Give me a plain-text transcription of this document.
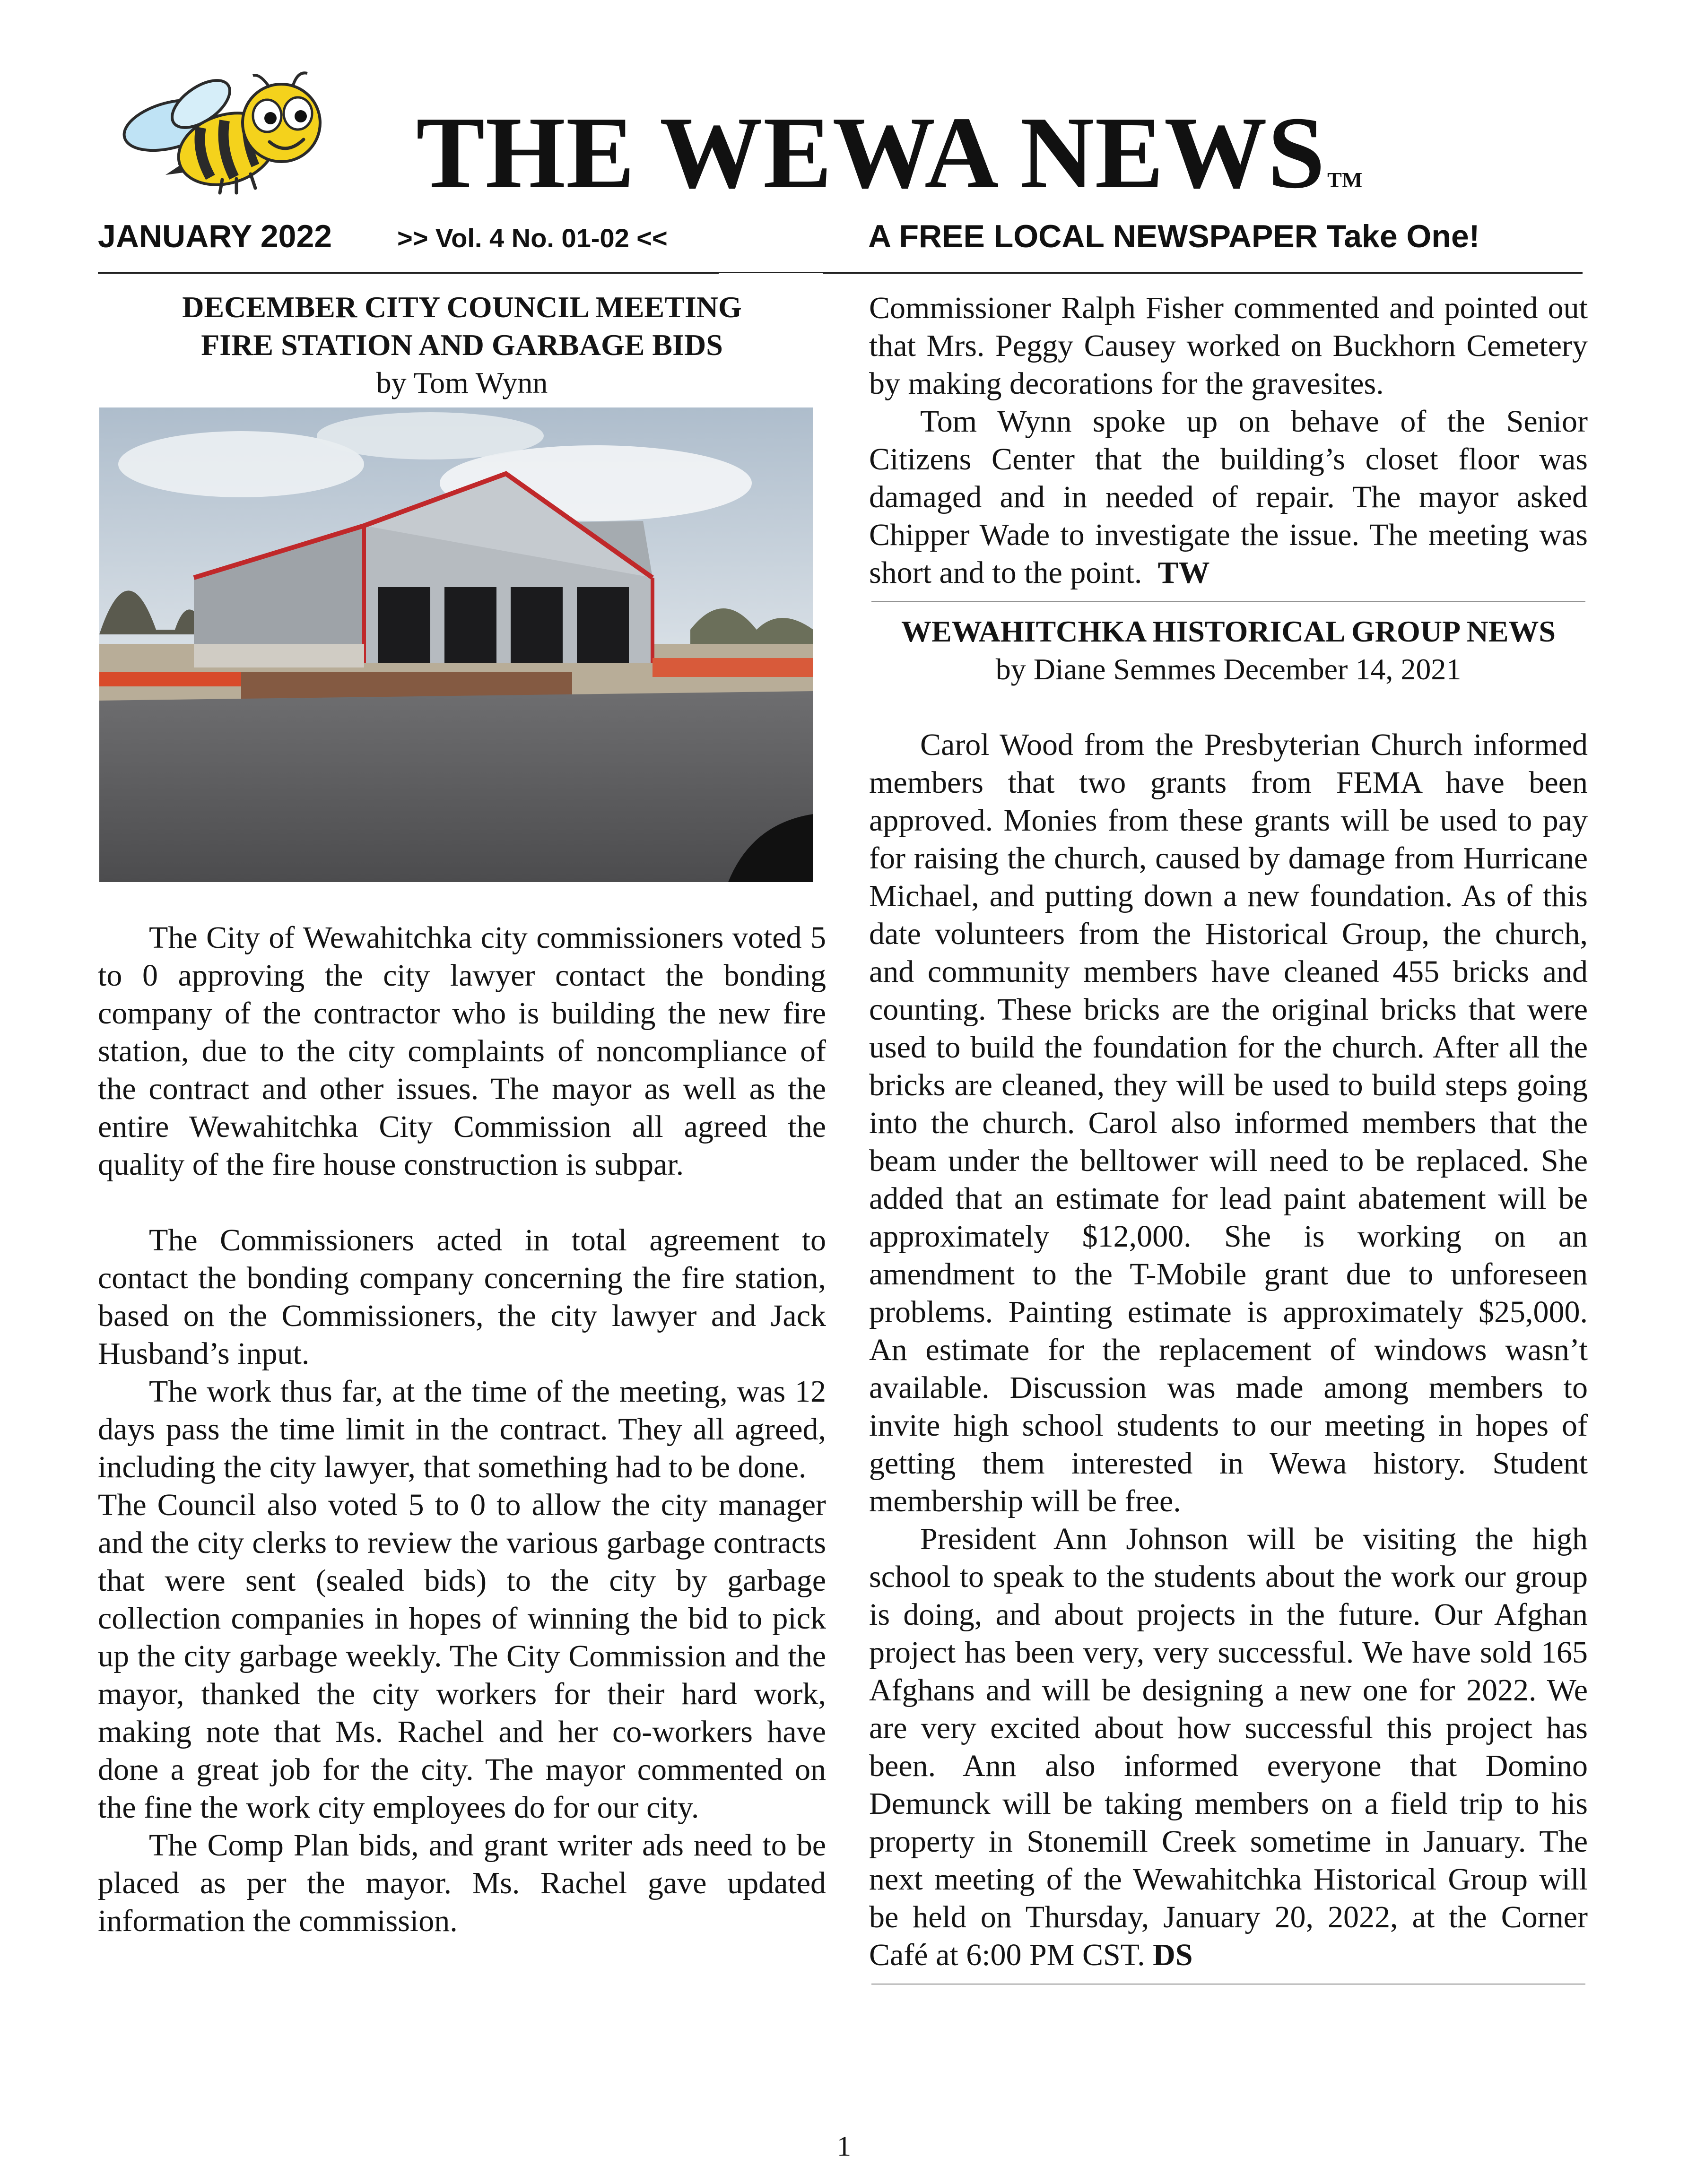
THE WEWA NEWSTM
JANUARY 2022 >> Vol. 4 No. 01-02 <<	A FREE LOCAL NEWSPAPER Take One!
DECEMBER CITY COUNCIL MEETING
FIRE STATION AND GARBAGE BIDS
by Tom Wynn

The City of Wewahitchka city commissioners voted 5 to 0 approving the city lawyer contact the bonding company of the contractor who is building the new fire station, due to the city complaints of noncompliance of the contract and other issues. The mayor as well as the entire Wewahitchka City Commission all agreed the quality of the fire house construction is subpar.

The Commissioners acted in total agreement to contact the bonding company concerning the fire station, based on the Commissioners, the city lawyer and Jack Husband’s input.

The work thus far, at the time of the meeting, was 12 days pass the time limit in the contract. They all agreed, including the city lawyer, that something had to be done.

The Council also voted 5 to 0 to allow the city manager and the city clerks to review the various garbage contracts that were sent (sealed bids) to the city by garbage collection companies in hopes of winning the bid to pick up the city garbage weekly. The City Commission and the mayor, thanked the city workers for their hard work, making note that Ms. Rachel and her co-workers have done a great job for the city. The mayor commented on the fine the work city employees do for our city.

The Comp Plan bids, and grant writer ads need to be placed as per the mayor. Ms. Rachel gave updated information the commission.

Commissioner Ralph Fisher commented and pointed out that Mrs. Peggy Causey worked on Buckhorn Cemetery by making decorations for the gravesites.

Tom Wynn spoke up on behave of the Senior Citizens Center that the building’s closet floor was damaged and in needed of repair. The mayor asked Chipper Wade to investigate the issue. The meeting was short and to the point. TW

WEWAHITCHKA HISTORICAL GROUP NEWS
by Diane Semmes December 14, 2021

Carol Wood from the Presbyterian Church informed members that two grants from FEMA have been approved. Monies from these grants will be used to pay for raising the church, caused by damage from Hurricane Michael, and putting down a new foundation. As of this date volunteers from the Historical Group, the church, and community members have cleaned 455 bricks and counting. These bricks are the original bricks that were used to build the foundation for the church. After all the bricks are cleaned, they will be used to build steps going into the church. Carol also informed members that the beam under the belltower will need to be replaced. She added that an estimate for lead paint abatement will be approximately $12,000. She is working on an amendment to the T-Mobile grant due to unforeseen problems. Painting estimate is approximately $25,000. An estimate for the replacement of windows wasn’t available. Discussion was made among members to invite high school students to our meeting in hopes of getting them interested in Wewa history. Student membership will be free.

President Ann Johnson will be visiting the high school to speak to the students about the work our group is doing, and about projects in the future. Our Afghan project has been very, very successful. We have sold 165 Afghans and will be designing a new one for 2022. We are very excited about how successful this project has been. Ann also informed everyone that Domino Demunck will be taking members on a field trip to his property in Stonemill Creek sometime in January. The next meeting of the Wewahitchka Historical Group will be held on Thursday, January 20, 2022, at the Corner Café at 6:00 PM CST. DS

1
